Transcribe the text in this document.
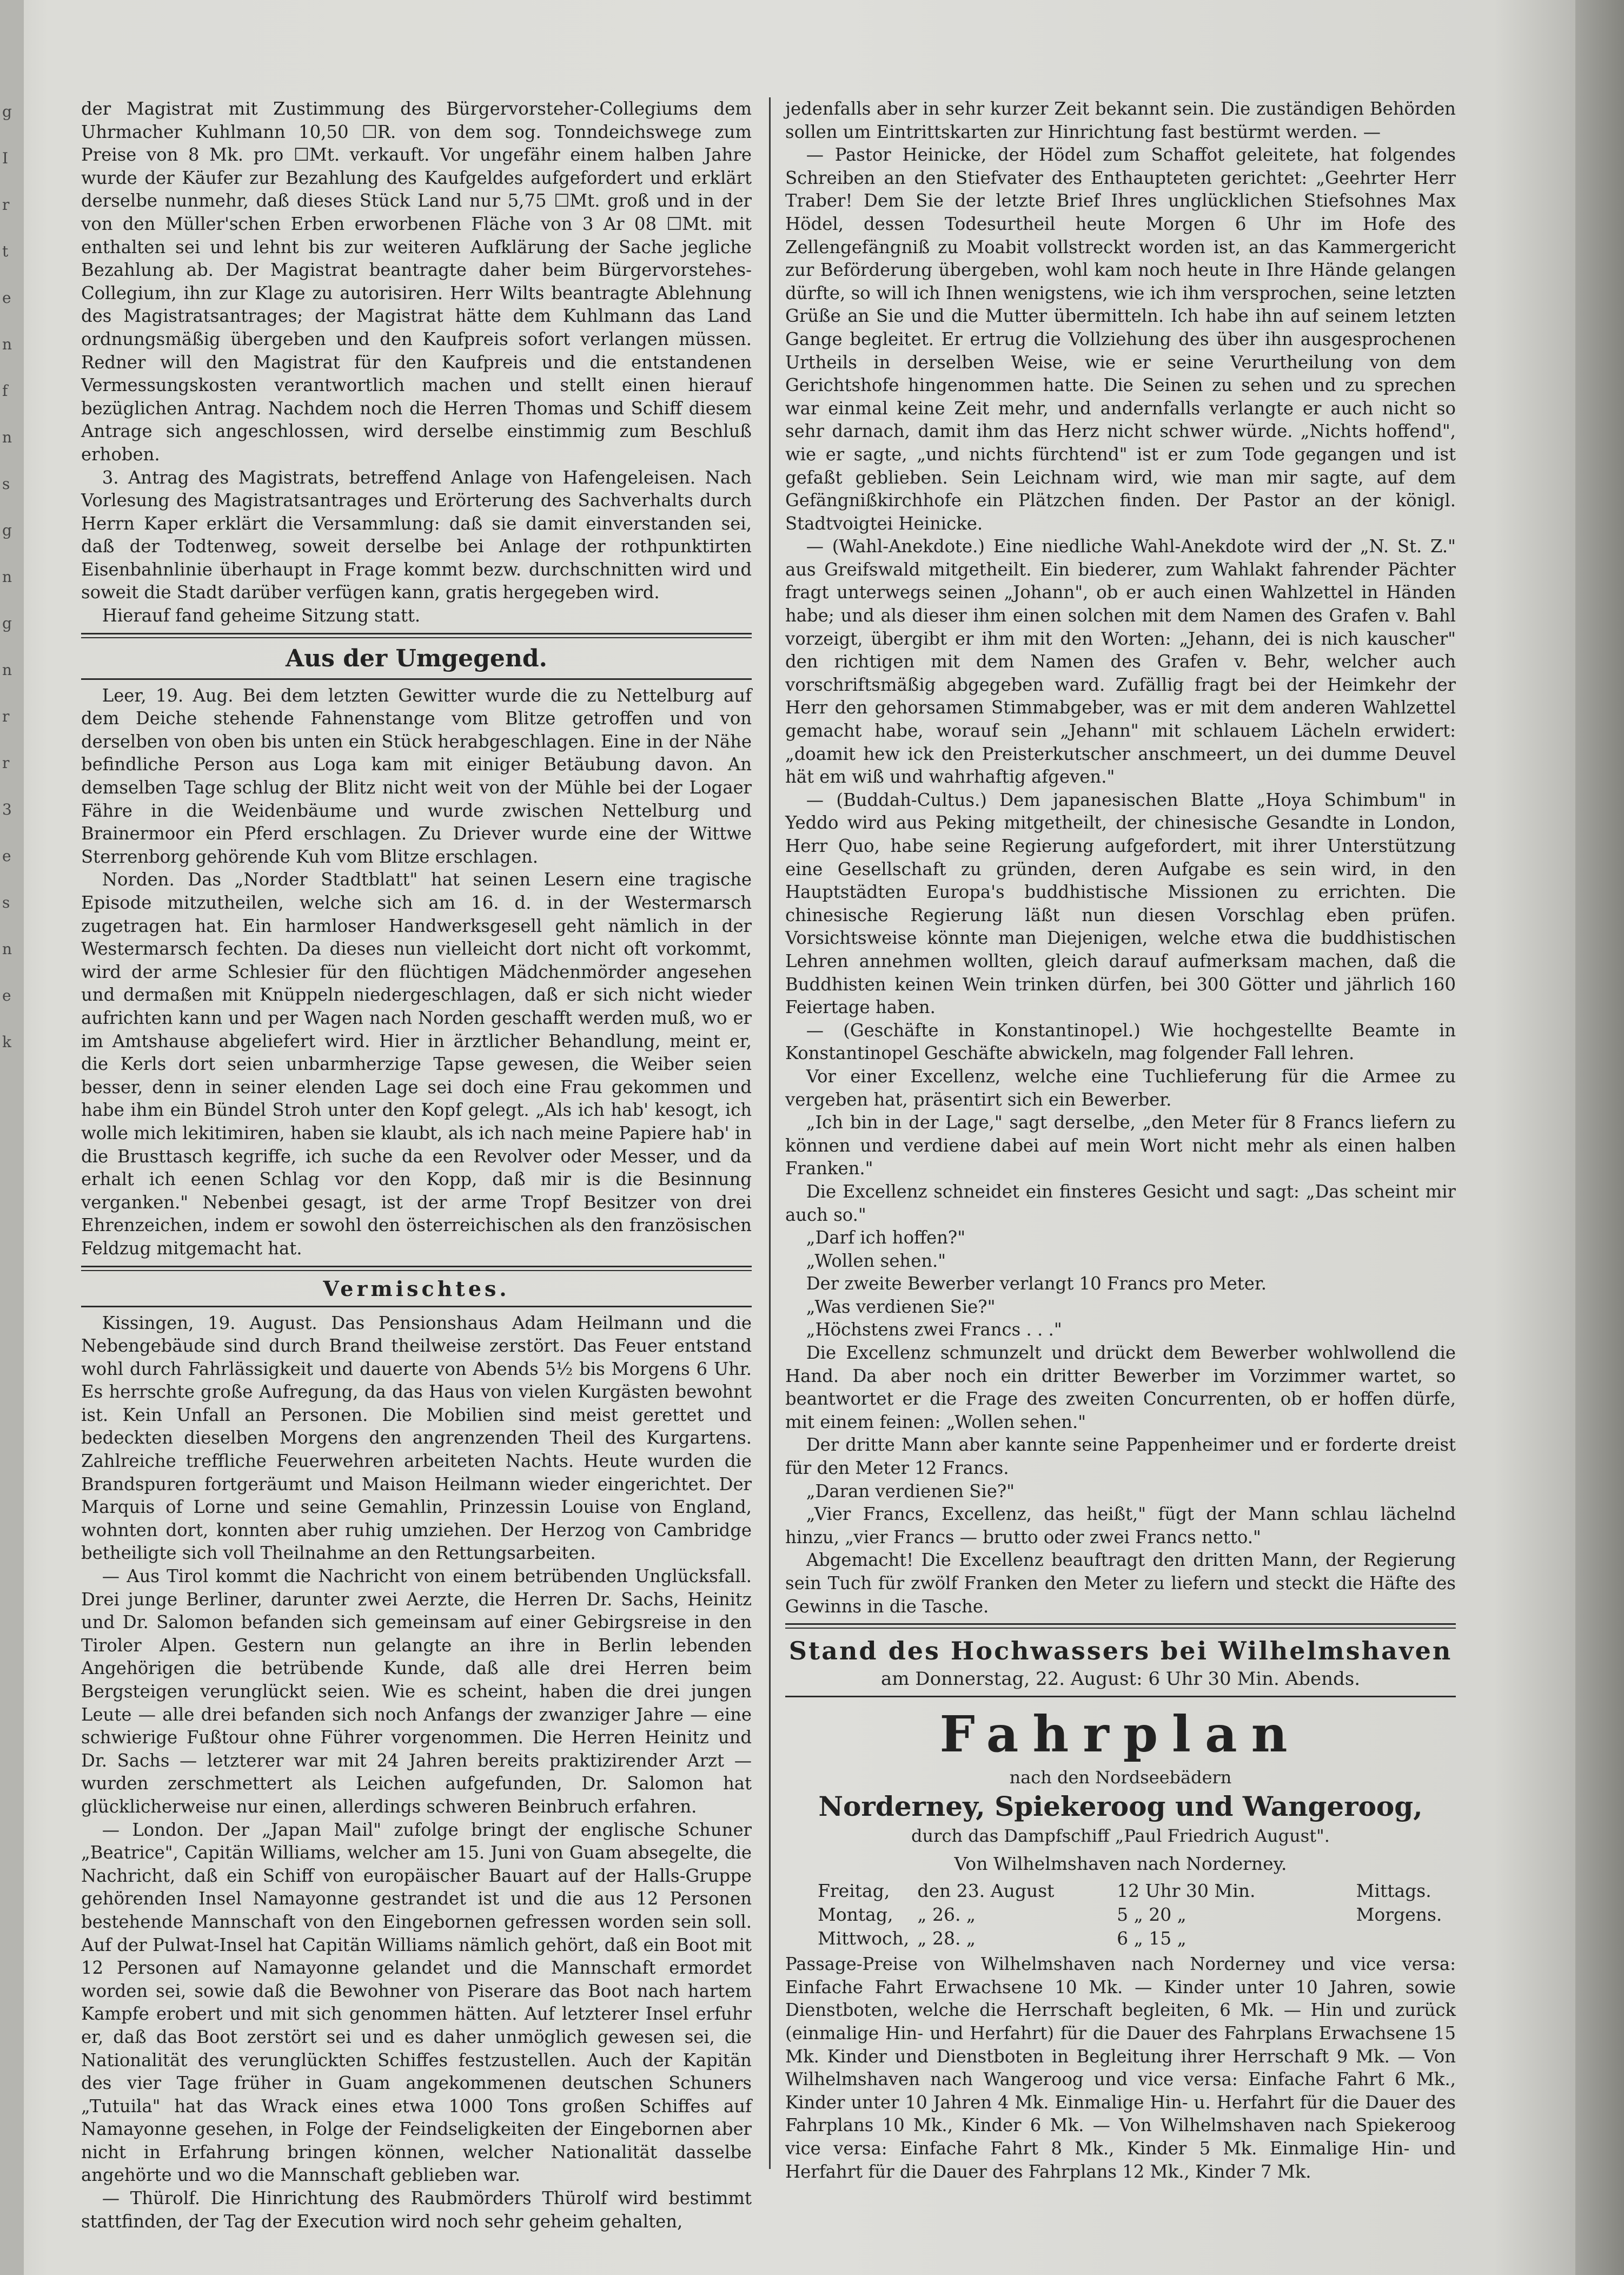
g
I
r
t
e
n
f
n
s
g
n
g
n
r
r
3
e
s
n
e
k

der Magistrat mit Zustimmung des Bürgervorsteher-Collegiums dem Uhrmacher Kuhlmann 10,50 ☐R. von dem sog. Tonndeichswege zum Preise von 8 Mk. pro ☐Mt. verkauft. Vor ungefähr einem halben Jahre wurde der Käufer zur Bezahlung des Kaufgeldes aufgefordert und erklärt derselbe nunmehr, daß dieses Stück Land nur 5,75 ☐Mt. groß und in der von den Müller'schen Erben erworbenen Fläche von 3 Ar 08 ☐Mt. mit enthalten sei und lehnt bis zur weiteren Aufklärung der Sache jegliche Bezahlung ab. Der Magistrat beantragte daher beim Bürgervorstehes-Collegium, ihn zur Klage zu autorisiren. Herr Wilts beantragte Ablehnung des Magistratsantrages; der Magistrat hätte dem Kuhlmann das Land ordnungsmäßig übergeben und den Kaufpreis sofort verlangen müssen. Redner will den Magistrat für den Kaufpreis und die entstandenen Vermessungskosten verantwortlich machen und stellt einen hierauf bezüglichen Antrag. Nachdem noch die Herren Thomas und Schiff diesem Antrage sich angeschlossen, wird derselbe einstimmig zum Beschluß erhoben.

3. Antrag des Magistrats, betreffend Anlage von Hafengeleisen. Nach Vorlesung des Magistratsantrages und Erörterung des Sachverhalts durch Herrn Kaper erklärt die Versammlung: daß sie damit einverstanden sei, daß der Todtenweg, soweit derselbe bei Anlage der rothpunktirten Eisenbahnlinie überhaupt in Frage kommt bezw. durchschnitten wird und soweit die Stadt darüber verfügen kann, gratis hergegeben wird.

Hierauf fand geheime Sitzung statt.

Aus der Umgegend.

Leer, 19. Aug. Bei dem letzten Gewitter wurde die zu Nettelburg auf dem Deiche stehende Fahnenstange vom Blitze getroffen und von derselben von oben bis unten ein Stück herabgeschlagen. Eine in der Nähe befindliche Person aus Loga kam mit einiger Betäubung davon. An demselben Tage schlug der Blitz nicht weit von der Mühle bei der Logaer Fähre in die Weidenbäume und wurde zwischen Nettelburg und Brainermoor ein Pferd erschlagen. Zu Driever wurde eine der Wittwe Sterrenborg gehörende Kuh vom Blitze erschlagen.

Norden. Das „Norder Stadtblatt" hat seinen Lesern eine tragische Episode mitzutheilen, welche sich am 16. d. in der Westermarsch zugetragen hat. Ein harmloser Handwerksgesell geht nämlich in der Westermarsch fechten. Da dieses nun vielleicht dort nicht oft vorkommt, wird der arme Schlesier für den flüchtigen Mädchenmörder angesehen und dermaßen mit Knüppeln niedergeschlagen, daß er sich nicht wieder aufrichten kann und per Wagen nach Norden geschafft werden muß, wo er im Amtshause abgeliefert wird. Hier in ärztlicher Behandlung, meint er, die Kerls dort seien unbarmherzige Tapse gewesen, die Weiber seien besser, denn in seiner elenden Lage sei doch eine Frau gekommen und habe ihm ein Bündel Stroh unter den Kopf gelegt. „Als ich hab' kesogt, ich wolle mich lekitimiren, haben sie klaubt, als ich nach meine Papiere hab' in die Brusttasch kegriffe, ich suche da een Revolver oder Messer, und da erhalt ich eenen Schlag vor den Kopp, daß mir is die Besinnung verganken." Nebenbei gesagt, ist der arme Tropf Besitzer von drei Ehrenzeichen, indem er sowohl den österreichischen als den französischen Feldzug mitgemacht hat.

Vermischtes.

Kissingen, 19. August. Das Pensionshaus Adam Heilmann und die Nebengebäude sind durch Brand theilweise zerstört. Das Feuer entstand wohl durch Fahrlässigkeit und dauerte von Abends 5½ bis Morgens 6 Uhr. Es herrschte große Aufregung, da das Haus von vielen Kurgästen bewohnt ist. Kein Unfall an Personen. Die Mobilien sind meist gerettet und bedeckten dieselben Morgens den angrenzenden Theil des Kurgartens. Zahlreiche treffliche Feuerwehren arbeiteten Nachts. Heute wurden die Brandspuren fortgeräumt und Maison Heilmann wieder eingerichtet. Der Marquis of Lorne und seine Gemahlin, Prinzessin Louise von England, wohnten dort, konnten aber ruhig umziehen. Der Herzog von Cambridge betheiligte sich voll Theilnahme an den Rettungsarbeiten.

— Aus Tirol kommt die Nachricht von einem betrübenden Unglücksfall. Drei junge Berliner, darunter zwei Aerzte, die Herren Dr. Sachs, Heinitz und Dr. Salomon befanden sich gemeinsam auf einer Gebirgsreise in den Tiroler Alpen. Gestern nun gelangte an ihre in Berlin lebenden Angehörigen die betrübende Kunde, daß alle drei Herren beim Bergsteigen verunglückt seien. Wie es scheint, haben die drei jungen Leute — alle drei befanden sich noch Anfangs der zwanziger Jahre — eine schwierige Fußtour ohne Führer vorgenommen. Die Herren Heinitz und Dr. Sachs — letzterer war mit 24 Jahren bereits praktizirender Arzt — wurden zerschmettert als Leichen aufgefunden, Dr. Salomon hat glücklicherweise nur einen, allerdings schweren Beinbruch erfahren.

— London. Der „Japan Mail" zufolge bringt der englische Schuner „Beatrice", Capitän Williams, welcher am 15. Juni von Guam absegelte, die Nachricht, daß ein Schiff von europäischer Bauart auf der Halls-Gruppe gehörenden Insel Namayonne gestrandet ist und die aus 12 Personen bestehende Mannschaft von den Eingebornen gefressen worden sein soll. Auf der Pulwat-Insel hat Capitän Williams nämlich gehört, daß ein Boot mit 12 Personen auf Namayonne gelandet und die Mannschaft ermordet worden sei, sowie daß die Bewohner von Piserare das Boot nach hartem Kampfe erobert und mit sich genommen hätten. Auf letzterer Insel erfuhr er, daß das Boot zerstört sei und es daher unmöglich gewesen sei, die Nationalität des verunglückten Schiffes festzustellen. Auch der Kapitän des vier Tage früher in Guam angekommenen deutschen Schuners „Tutuila" hat das Wrack eines etwa 1000 Tons großen Schiffes auf Namayonne gesehen, in Folge der Feindseligkeiten der Eingebornen aber nicht in Erfahrung bringen können, welcher Nationalität dasselbe angehörte und wo die Mannschaft geblieben war.

— Thürolf. Die Hinrichtung des Raubmörders Thürolf wird bestimmt stattfinden, der Tag der Execution wird noch sehr geheim gehalten,

jedenfalls aber in sehr kurzer Zeit bekannt sein. Die zuständigen Behörden sollen um Eintrittskarten zur Hinrichtung fast bestürmt werden. —

— Pastor Heinicke, der Hödel zum Schaffot geleitete, hat folgendes Schreiben an den Stiefvater des Enthaupteten gerichtet: „Geehrter Herr Traber! Dem Sie der letzte Brief Ihres unglücklichen Stiefsohnes Max Hödel, dessen Todesurtheil heute Morgen 6 Uhr im Hofe des Zellengefängniß zu Moabit vollstreckt worden ist, an das Kammergericht zur Beförderung übergeben, wohl kam noch heute in Ihre Hände gelangen dürfte, so will ich Ihnen wenigstens, wie ich ihm versprochen, seine letzten Grüße an Sie und die Mutter übermitteln. Ich habe ihn auf seinem letzten Gange begleitet. Er ertrug die Vollziehung des über ihn ausgesprochenen Urtheils in derselben Weise, wie er seine Verurtheilung von dem Gerichtshofe hingenommen hatte. Die Seinen zu sehen und zu sprechen war einmal keine Zeit mehr, und andernfalls verlangte er auch nicht so sehr darnach, damit ihm das Herz nicht schwer würde. „Nichts hoffend", wie er sagte, „und nichts fürchtend" ist er zum Tode gegangen und ist gefaßt geblieben. Sein Leichnam wird, wie man mir sagte, auf dem Gefängnißkirchhofe ein Plätzchen finden. Der Pastor an der königl. Stadtvoigtei Heinicke.

— (Wahl-Anekdote.) Eine niedliche Wahl-Anekdote wird der „N. St. Z." aus Greifswald mitgetheilt. Ein biederer, zum Wahlakt fahrender Pächter fragt unterwegs seinen „Johann", ob er auch einen Wahlzettel in Händen habe; und als dieser ihm einen solchen mit dem Namen des Grafen v. Bahl vorzeigt, übergibt er ihm mit den Worten: „Jehann, dei is nich kauscher" den richtigen mit dem Namen des Grafen v. Behr, welcher auch vorschriftsmäßig abgegeben ward. Zufällig fragt bei der Heimkehr der Herr den gehorsamen Stimmabgeber, was er mit dem anderen Wahlzettel gemacht habe, worauf sein „Jehann" mit schlauem Lächeln erwidert: „doamit hew ick den Preisterkutscher anschmeert, un dei dumme Deuvel hät em wiß und wahrhaftig afgeven."

— (Buddah-Cultus.) Dem japanesischen Blatte „Hoya Schimbum" in Yeddo wird aus Peking mitgetheilt, der chinesische Gesandte in London, Herr Quo, habe seine Regierung aufgefordert, mit ihrer Unterstützung eine Gesellschaft zu gründen, deren Aufgabe es sein wird, in den Hauptstädten Europa's buddhistische Missionen zu errichten. Die chinesische Regierung läßt nun diesen Vorschlag eben prüfen. Vorsichtsweise könnte man Diejenigen, welche etwa die buddhistischen Lehren annehmen wollten, gleich darauf aufmerksam machen, daß die Buddhisten keinen Wein trinken dürfen, bei 300 Götter und jährlich 160 Feiertage haben.

— (Geschäfte in Konstantinopel.) Wie hochgestellte Beamte in Konstantinopel Geschäfte abwickeln, mag folgender Fall lehren.

Vor einer Excellenz, welche eine Tuchlieferung für die Armee zu vergeben hat, präsentirt sich ein Bewerber.

„Ich bin in der Lage," sagt derselbe, „den Meter für 8 Francs liefern zu können und verdiene dabei auf mein Wort nicht mehr als einen halben Franken."

Die Excellenz schneidet ein finsteres Gesicht und sagt: „Das scheint mir auch so."

„Darf ich hoffen?"

„Wollen sehen."

Der zweite Bewerber verlangt 10 Francs pro Meter.

„Was verdienen Sie?"

„Höchstens zwei Francs . . ."

Die Excellenz schmunzelt und drückt dem Bewerber wohlwollend die Hand. Da aber noch ein dritter Bewerber im Vorzimmer wartet, so beantwortet er die Frage des zweiten Concurrenten, ob er hoffen dürfe, mit einem feinen: „Wollen sehen."

Der dritte Mann aber kannte seine Pappenheimer und er forderte dreist für den Meter 12 Francs.

„Daran verdienen Sie?"

„Vier Francs, Excellenz, das heißt," fügt der Mann schlau lächelnd hinzu, „vier Francs — brutto oder zwei Francs netto."

Abgemacht! Die Excellenz beauftragt den dritten Mann, der Regierung sein Tuch für zwölf Franken den Meter zu liefern und steckt die Häfte des Gewinns in die Tasche.

Stand des Hochwassers bei Wilhelmshaven
am Donnerstag, 22. August: 6 Uhr 30 Min. Abends.
Fahrplan
nach den Nordseebädern
Norderney, Spiekeroog und Wangeroog,
durch das Dampfschiff „Paul Friedrich August".
Von Wilhelmshaven nach Norderney.
Freitag,	den 23. August	12 Uhr 30 Min.	Mittags.
Montag,	„ 26. „	5 „ 20 „	Morgens.
Mittwoch, „ 28. „	6 „ 15 „

Passage-Preise von Wilhelmshaven nach Norderney und vice versa: Einfache Fahrt Erwachsene 10 Mk. — Kinder unter 10 Jahren, sowie Dienstboten, welche die Herrschaft begleiten, 6 Mk. — Hin und zurück (einmalige Hin- und Herfahrt) für die Dauer des Fahrplans Erwachsene 15 Mk. Kinder und Dienstboten in Begleitung ihrer Herrschaft 9 Mk. — Von Wilhelmshaven nach Wangeroog und vice versa: Einfache Fahrt 6 Mk., Kinder unter 10 Jahren 4 Mk. Einmalige Hin- u. Herfahrt für die Dauer des Fahrplans 10 Mk., Kinder 6 Mk. — Von Wilhelmshaven nach Spiekeroog vice versa: Einfache Fahrt 8 Mk., Kinder 5 Mk. Einmalige Hin- und Herfahrt für die Dauer des Fahrplans 12 Mk., Kinder 7 Mk.
